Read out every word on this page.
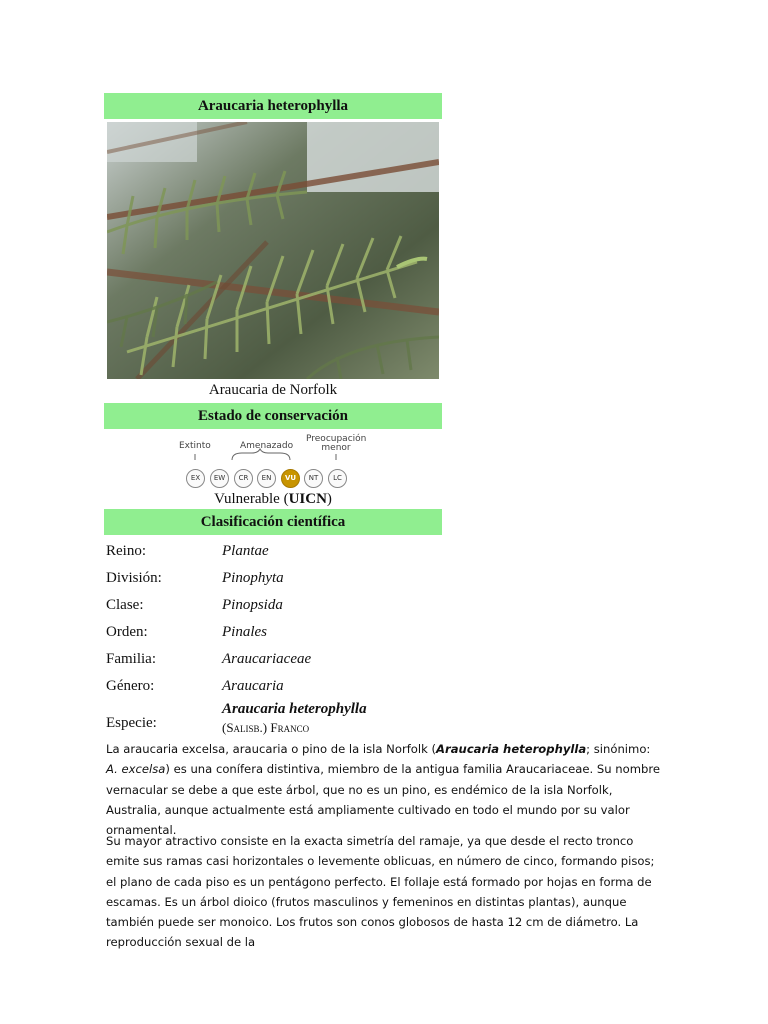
Araucaria heterophylla
Araucaria de Norfolk
Estado de conservación
Extinto	Amenazado
Preocupación menor
EX	EW	CR	EN	VU	NT	LC
Vulnerable (UICN)
Clasificación científica
Reino:	Plantae
División:	Pinophyta
Clase:	Pinopsida
Orden:	Pinales
Familia:	Araucariaceae
Género:	Araucaria
Especie:
Araucaria heterophylla
(Salisb.) Franco
La araucaria excelsa, araucaria o pino de la isla Norfolk (Araucaria heterophylla; sinónimo: A. excelsa) es una conífera distintiva, miembro de la antigua familia Araucariaceae. Su nombre vernacular se debe a que este árbol, que no es un pino, es endémico de la isla Norfolk, Australia, aunque actualmente está ampliamente cultivado en todo el mundo por su valor ornamental.
Su mayor atractivo consiste en la exacta simetría del ramaje, ya que desde el recto tronco emite sus ramas casi horizontales o levemente oblicuas, en número de cinco, formando pisos; el plano de cada piso es un pentágono perfecto. El follaje está formado por hojas en forma de escamas. Es un árbol dioico (frutos masculinos y femeninos en distintas plantas), aunque también puede ser monoico. Los frutos son conos globosos de hasta 12 cm de diámetro. La reproducción sexual de la
